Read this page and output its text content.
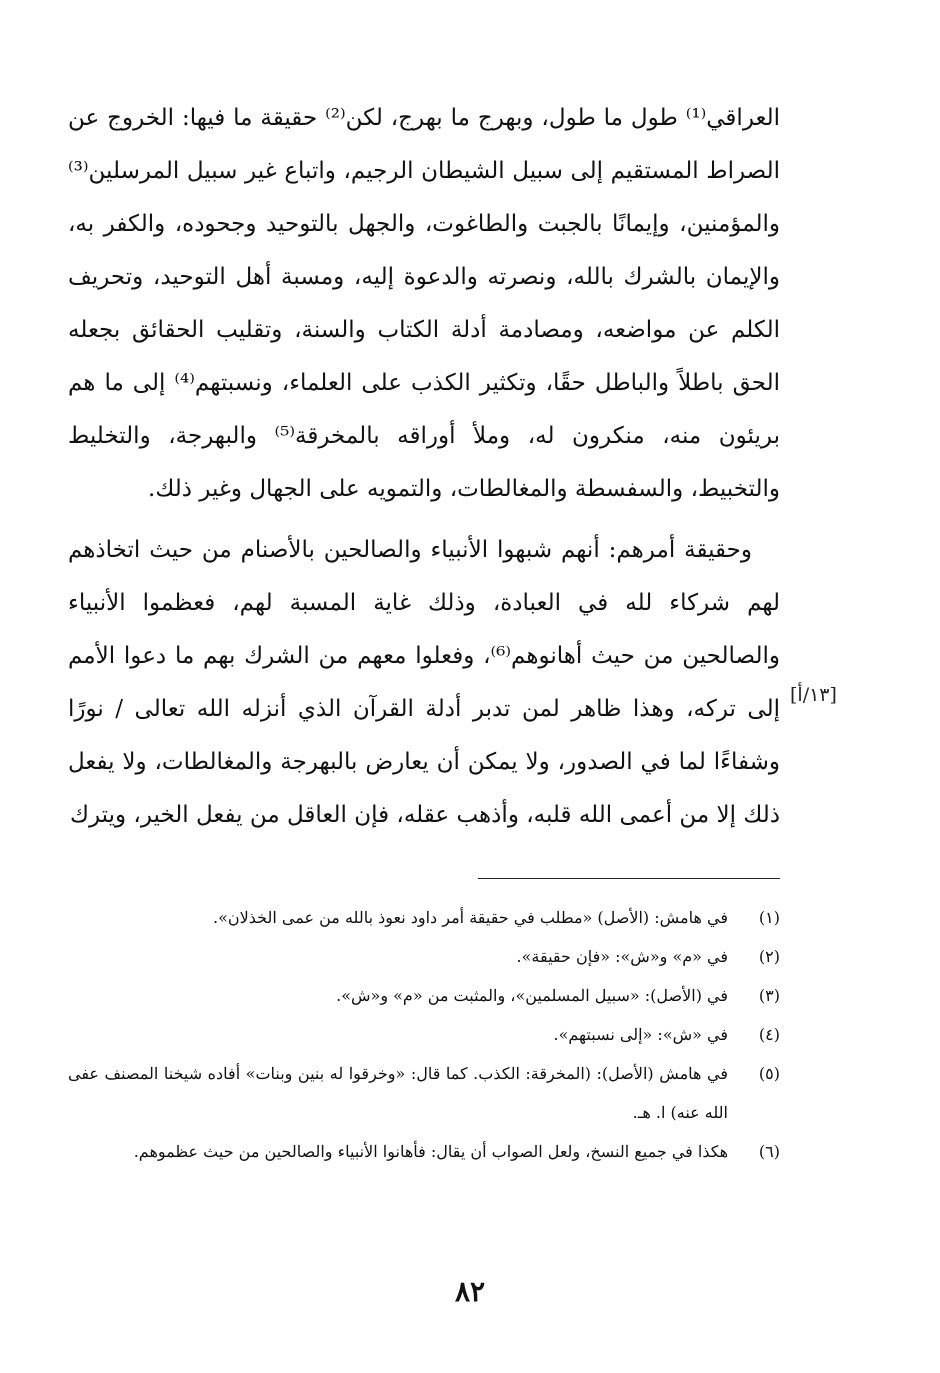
العراقي⁽¹⁾ طول ما طول، وبهرج ما بهرج، لكن⁽²⁾ حقيقة ما فيها: الخروج عن الصراط المستقيم إلى سبيل الشيطان الرجيم، واتباع غير سبيل المرسلين⁽³⁾ والمؤمنين، وإيمانًا بالجبت والطاغوت، والجهل بالتوحيد وجحوده، والكفر به، والإيمان بالشرك بالله، ونصرته والدعوة إليه، ومسبة أهل التوحيد، وتحريف الكلم عن مواضعه، ومصادمة أدلة الكتاب والسنة، وتقليب الحقائق بجعله الحق باطلاً والباطل حقًا، وتكثير الكذب على العلماء، ونسبتهم⁽⁴⁾ إلى ما هم بريئون منه، منكرون له، وملأ أوراقه بالمخرقة⁽⁵⁾ والبهرجة، والتخليط والتخبيط، والسفسطة والمغالطات، والتمويه على الجهال وغير ذلك.

وحقيقة أمرهم: أنهم شبهوا الأنبياء والصالحين بالأصنام من حيث اتخاذهم لهم شركاء لله في العبادة، وذلك غاية المسبة لهم، فعظموا الأنبياء والصالحين من حيث أهانوهم⁽⁶⁾، وفعلوا معهم من الشرك بهم ما دعوا الأمم إلى تركه، وهذا ظاهر لمن تدبر أدلة القرآن الذي أنزله الله تعالى / نورًا وشفاءًا لما في الصدور، ولا يمكن أن يعارض بالبهرجة والمغالطات، ولا يفعل ذلك إلا من أعمى الله قلبه، وأذهب عقله، فإن العاقل من يفعل الخير، ويترك

[١٣/أ]
(١)
في هامش: (الأصل) «مطلب في حقيقة أمر داود نعوذ بالله من عمى الخذلان».
(٢)
في «م» و«ش»: «فإن حقيقة».
(٣)
في (الأصل): «سبيل المسلمين»، والمثبت من «م» و«ش».
(٤)
في «ش»: «إلى نسبتهم».
(٥)
في هامش (الأصل): (المخرقة: الكذب. كما قال: «وخرقوا له بنين وبنات» أفاده شيخنا المصنف عفى الله عنه) ا. هـ.
(٦)
هكذا في جميع النسخ، ولعل الصواب أن يقال: فأهانوا الأنبياء والصالحين من حيث عظموهم.
٨٢
